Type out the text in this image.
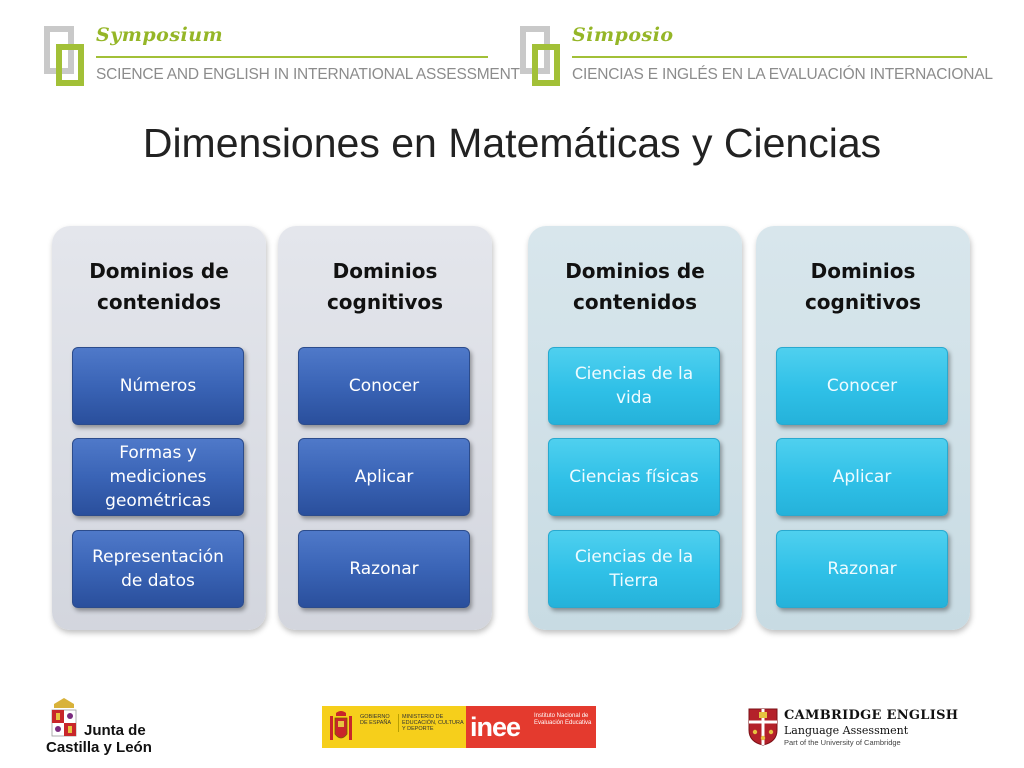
Symposium
SCIENCE AND ENGLISH IN INTERNATIONAL ASSESSMENT
Simposio
CIENCIAS E INGLÉS EN LA EVALUACIÓN INTERNACIONAL
Dimensiones en Matemáticas y Ciencias
Dominios de contenidos
Números
Formas y mediciones geométricas
Representación de datos
Dominios cognitivos
Conocer
Aplicar
Razonar
Dominios de contenidos
Ciencias de la vida
Ciencias físicas
Ciencias de la Tierra
Dominios cognitivos
Conocer
Aplicar
Razonar
Junta de
Castilla y León
GOBIERNO DE ESPAÑA
MINISTERIO DE EDUCACIÓN, CULTURA Y DEPORTE	inee Instituto Nacional de Evaluación Educativa	CAMBRIDGE ENGLISH
Language Assessment
Part of the University of Cambridge
